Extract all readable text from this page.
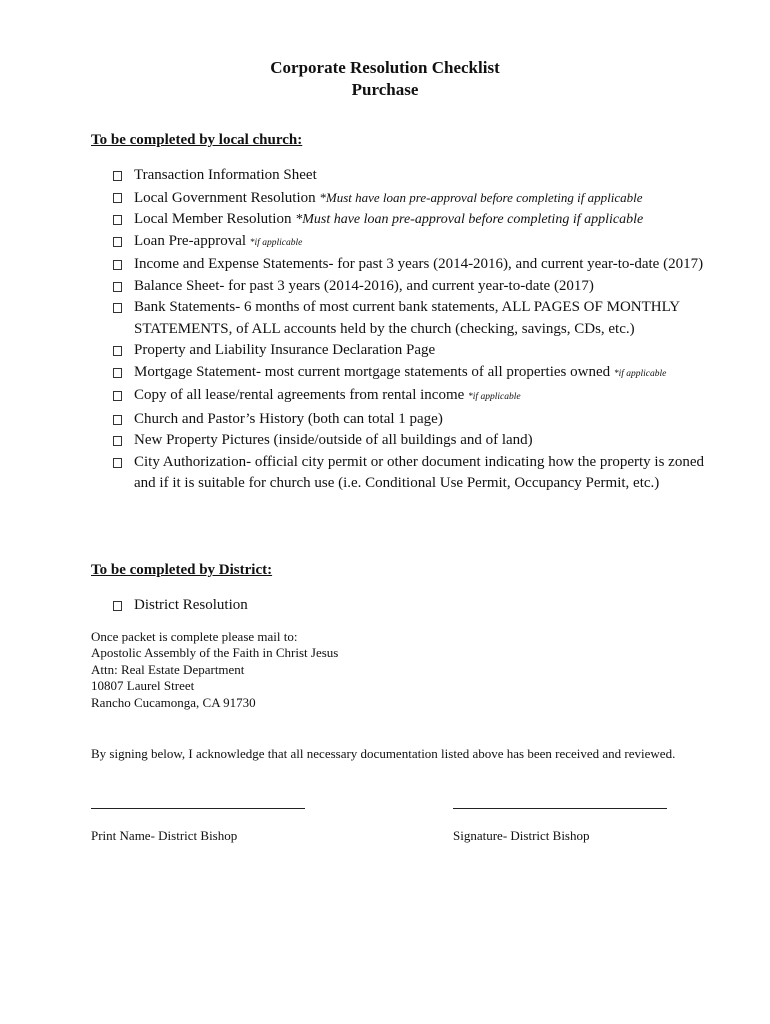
Corporate Resolution Checklist
Purchase
To be completed by local church:
Transaction Information Sheet
Local Government Resolution *Must have loan pre-approval before completing if applicable
Local Member Resolution *Must have loan pre-approval before completing if applicable
Loan Pre-approval *if applicable
Income and Expense Statements- for past 3 years (2014-2016), and current year-to-date (2017)
Balance Sheet- for past 3 years (2014-2016), and current year-to-date (2017)
Bank Statements- 6 months of most current bank statements, ALL PAGES OF MONTHLY STATEMENTS, of ALL accounts held by the church (checking, savings, CDs, etc.)
Property and Liability Insurance Declaration Page
Mortgage Statement- most current mortgage statements of all properties owned *if applicable
Copy of all lease/rental agreements from rental income *if applicable
Church and Pastor’s History (both can total 1 page)
New Property Pictures (inside/outside of all buildings and of land)
City Authorization- official city permit or other document indicating how the property is zoned and if it is suitable for church use (i.e. Conditional Use Permit, Occupancy Permit, etc.)
To be completed by District:
District Resolution
Once packet is complete please mail to:
Apostolic Assembly of the Faith in Christ Jesus
Attn: Real Estate Department
10807 Laurel Street
Rancho Cucamonga, CA 91730
By signing below, I acknowledge that all necessary documentation listed above has been received and reviewed.
Print Name- District Bishop	Signature- District Bishop
